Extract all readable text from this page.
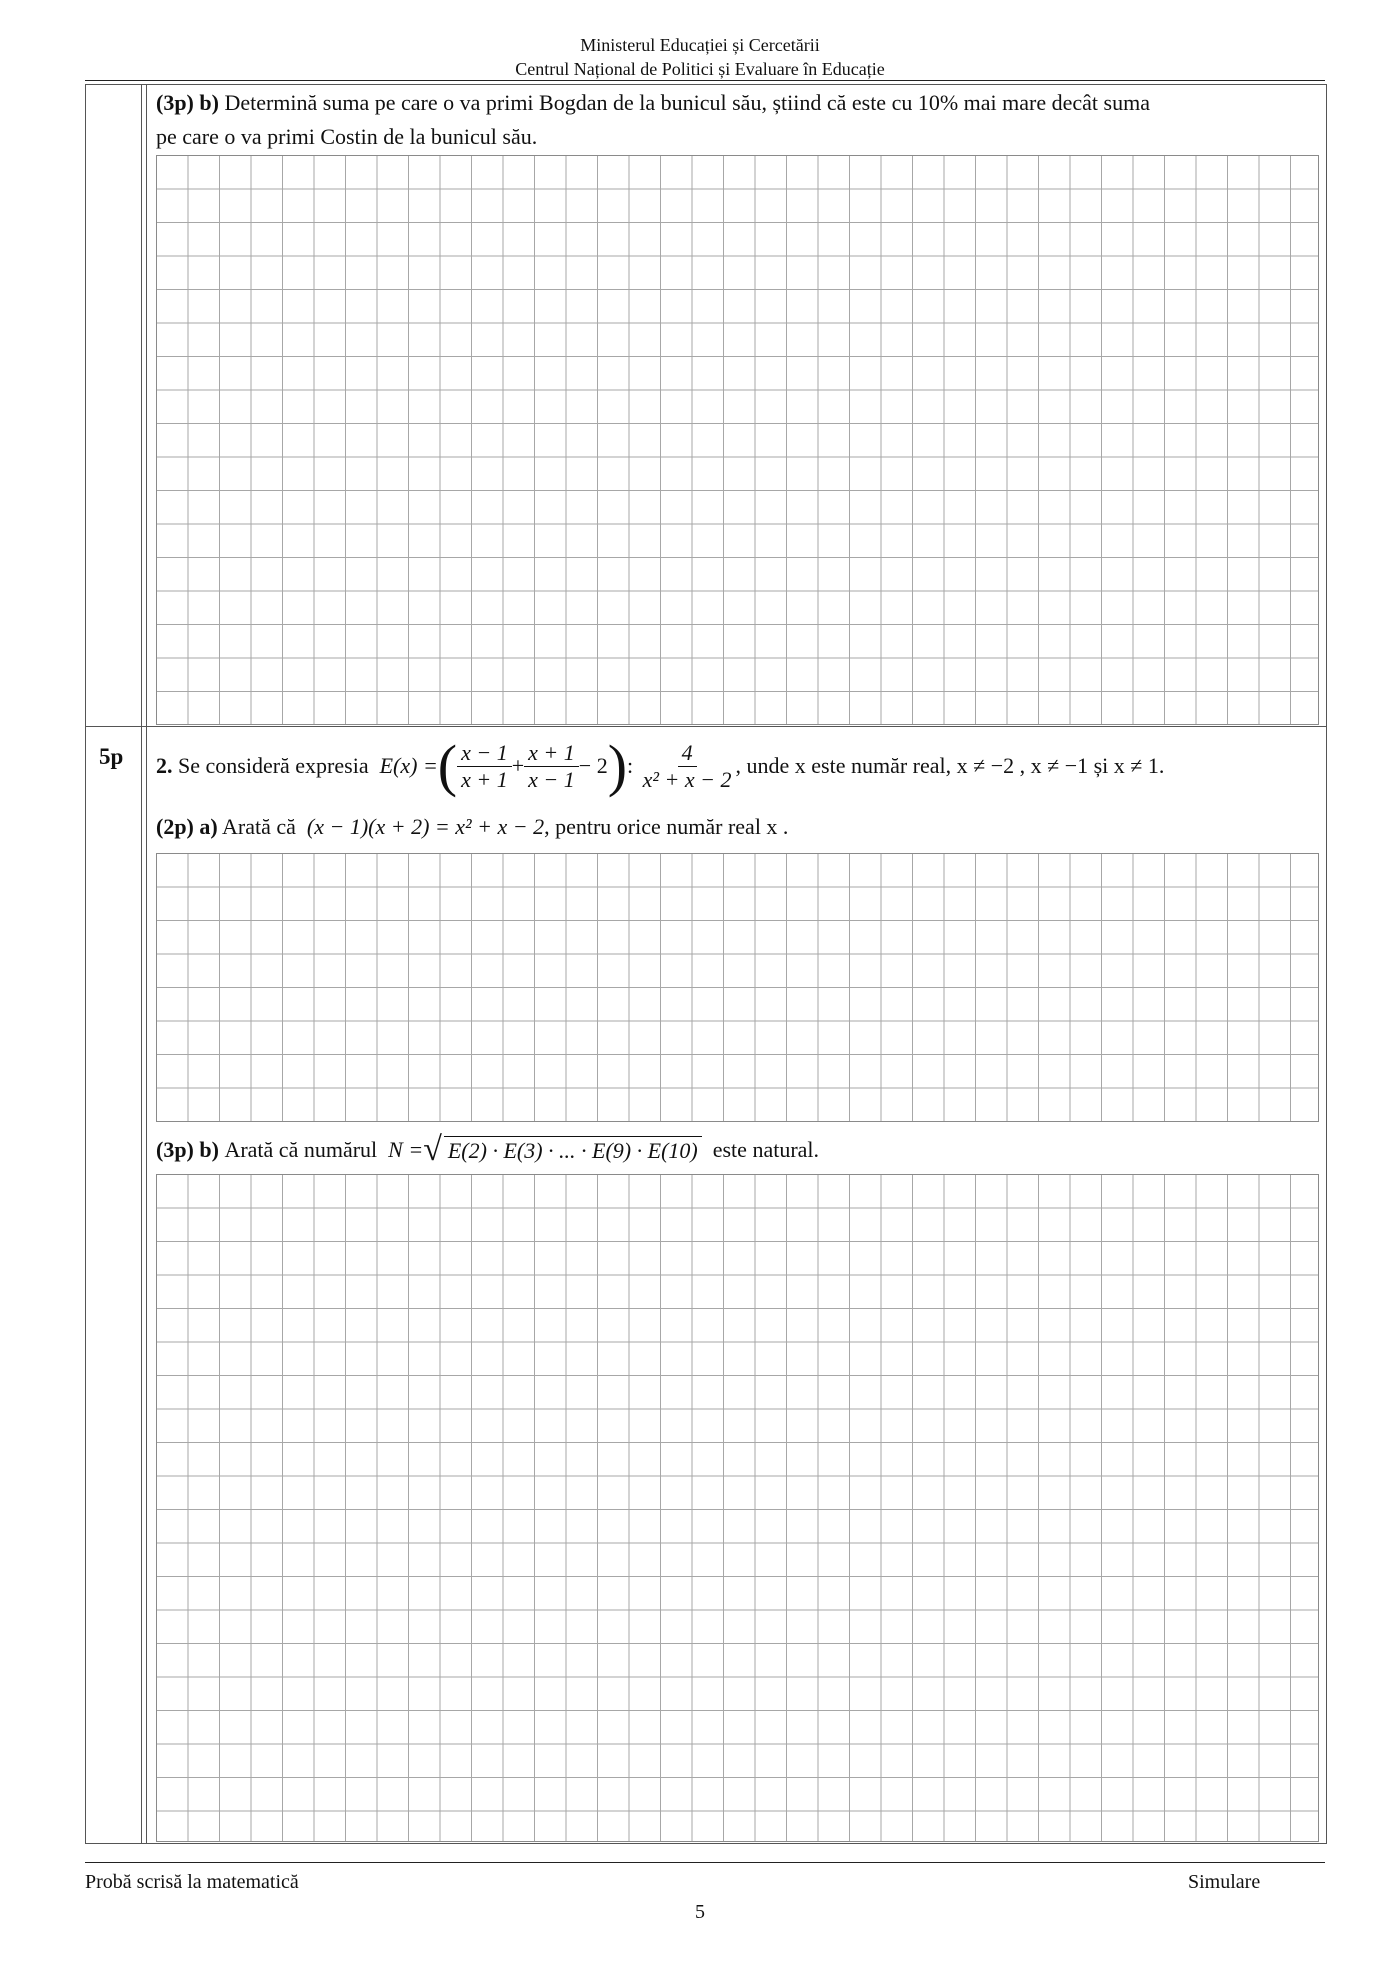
Ministerul Educației și Cercetării
Centrul Național de Politici și Evaluare în Educație
(3p) b) Determină suma pe care o va primi Bogdan de la bunicul său, știind că este cu 10% mai mare decât suma
pe care o va primi Costin de la bunicul său.
5p 2.
Se consideră expresia
E(x) = ( $\frac{x - 1}{x + 1} + \frac{x + 1}{x - 1} - 2$ ) :
$\frac{4}{\text{x² + x − 2}}$ , unde x este număr real, x ≠ −2 , x ≠ −1 și x ≠ 1.
(2p) a) Arată că (x − 1)(x + 2) = x² + x − 2, pentru orice număr real x .
(3p) b)
Arată că numărul
N = √ E(2) · E(3) · ... · E(9) · E(10)
este natural.
Probă scrisă la matematică	Simulare
5
